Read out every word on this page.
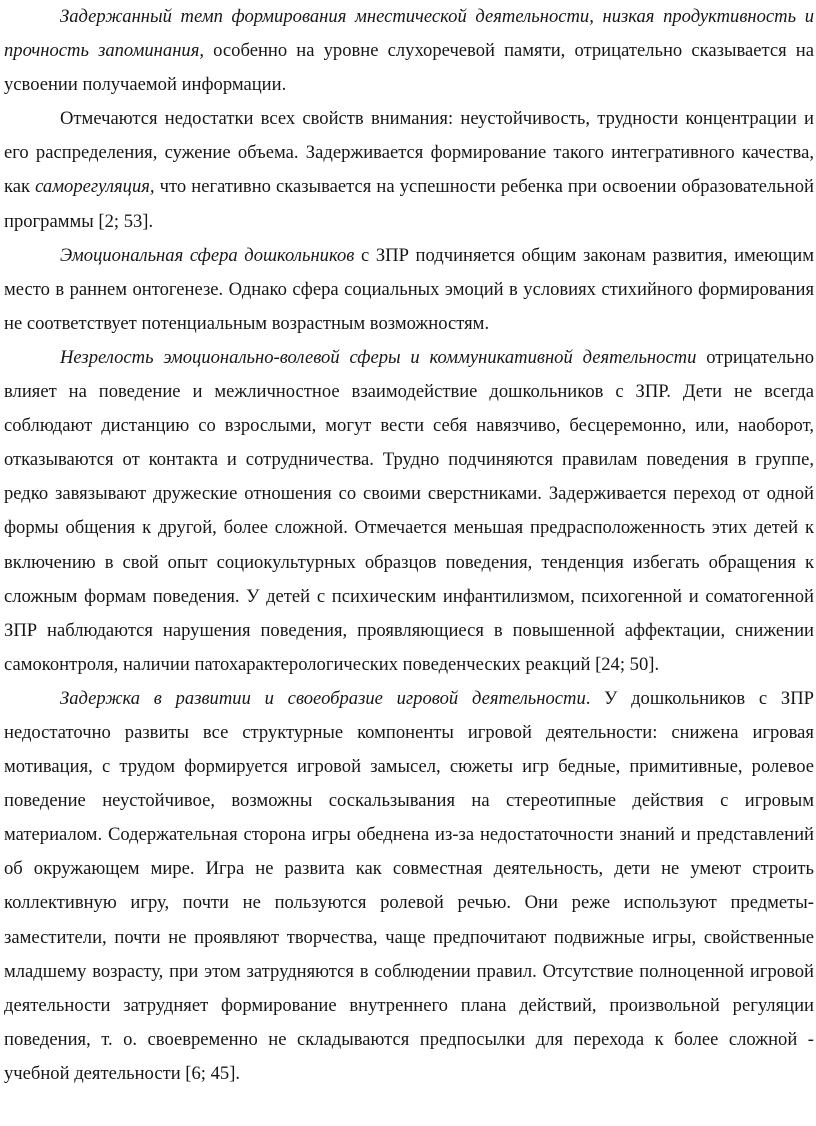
Задержанный темп формирования мнестической деятельности, низкая продуктивность и прочность запоминания, особенно на уровне слухоречевой памяти, отрицательно сказывается на усвоении получаемой информации.

Отмечаются недостатки всех свойств внимания: неустойчивость, трудности концентрации и его распределения, сужение объема. Задерживается формирование такого интегративного качества, как саморегуляция, что негативно сказывается на успешности ребенка при освоении образовательной программы [2; 53].

Эмоциональная сфера дошкольников с ЗПР подчиняется общим законам развития, имеющим место в раннем онтогенезе. Однако сфера социальных эмоций в условиях стихийного формирования не соответствует потенциальным возрастным возможностям.

Незрелость эмоционально-волевой сферы и коммуникативной деятельности отрицательно влияет на поведение и межличностное взаимодействие дошкольников с ЗПР. Дети не всегда соблюдают дистанцию со взрослыми, могут вести себя навязчиво, бесцеремонно, или, наоборот, отказываются от контакта и сотрудничества. Трудно подчиняются правилам поведения в группе, редко завязывают дружеские отношения со своими сверстниками. Задерживается переход от одной формы общения к другой, более сложной. Отмечается меньшая предрасположенность этих детей к включению в свой опыт социокультурных образцов поведения, тенденция избегать обращения к сложным формам поведения. У детей с психическим инфантилизмом, психогенной и соматогенной ЗПР наблюдаются нарушения поведения, проявляющиеся в повышенной аффектации, снижении самоконтроля, наличии патохарактерологических поведенческих реакций [24; 50].

Задержка в развитии и своеобразие игровой деятельности. У дошкольников с ЗПР недостаточно развиты все структурные компоненты игровой деятельности: снижена игровая мотивация, с трудом формируется игровой замысел, сюжеты игр бедные, примитивные, ролевое поведение неустойчивое, возможны соскальзывания на стереотипные действия с игровым материалом. Содержательная сторона игры обеднена из-за недостаточности знаний и представлений об окружающем мире. Игра не развита как совместная деятельность, дети не умеют строить коллективную игру, почти не пользуются ролевой речью. Они реже используют предметы-заместители, почти не проявляют творчества, чаще предпочитают подвижные игры, свойственные младшему возрасту, при этом затрудняются в соблюдении правил. Отсутствие полноценной игровой деятельности затрудняет формирование внутреннего плана действий, произвольной регуляции поведения, т. о. своевременно не складываются предпосылки для перехода к более сложной - учебной деятельности [6; 45].
